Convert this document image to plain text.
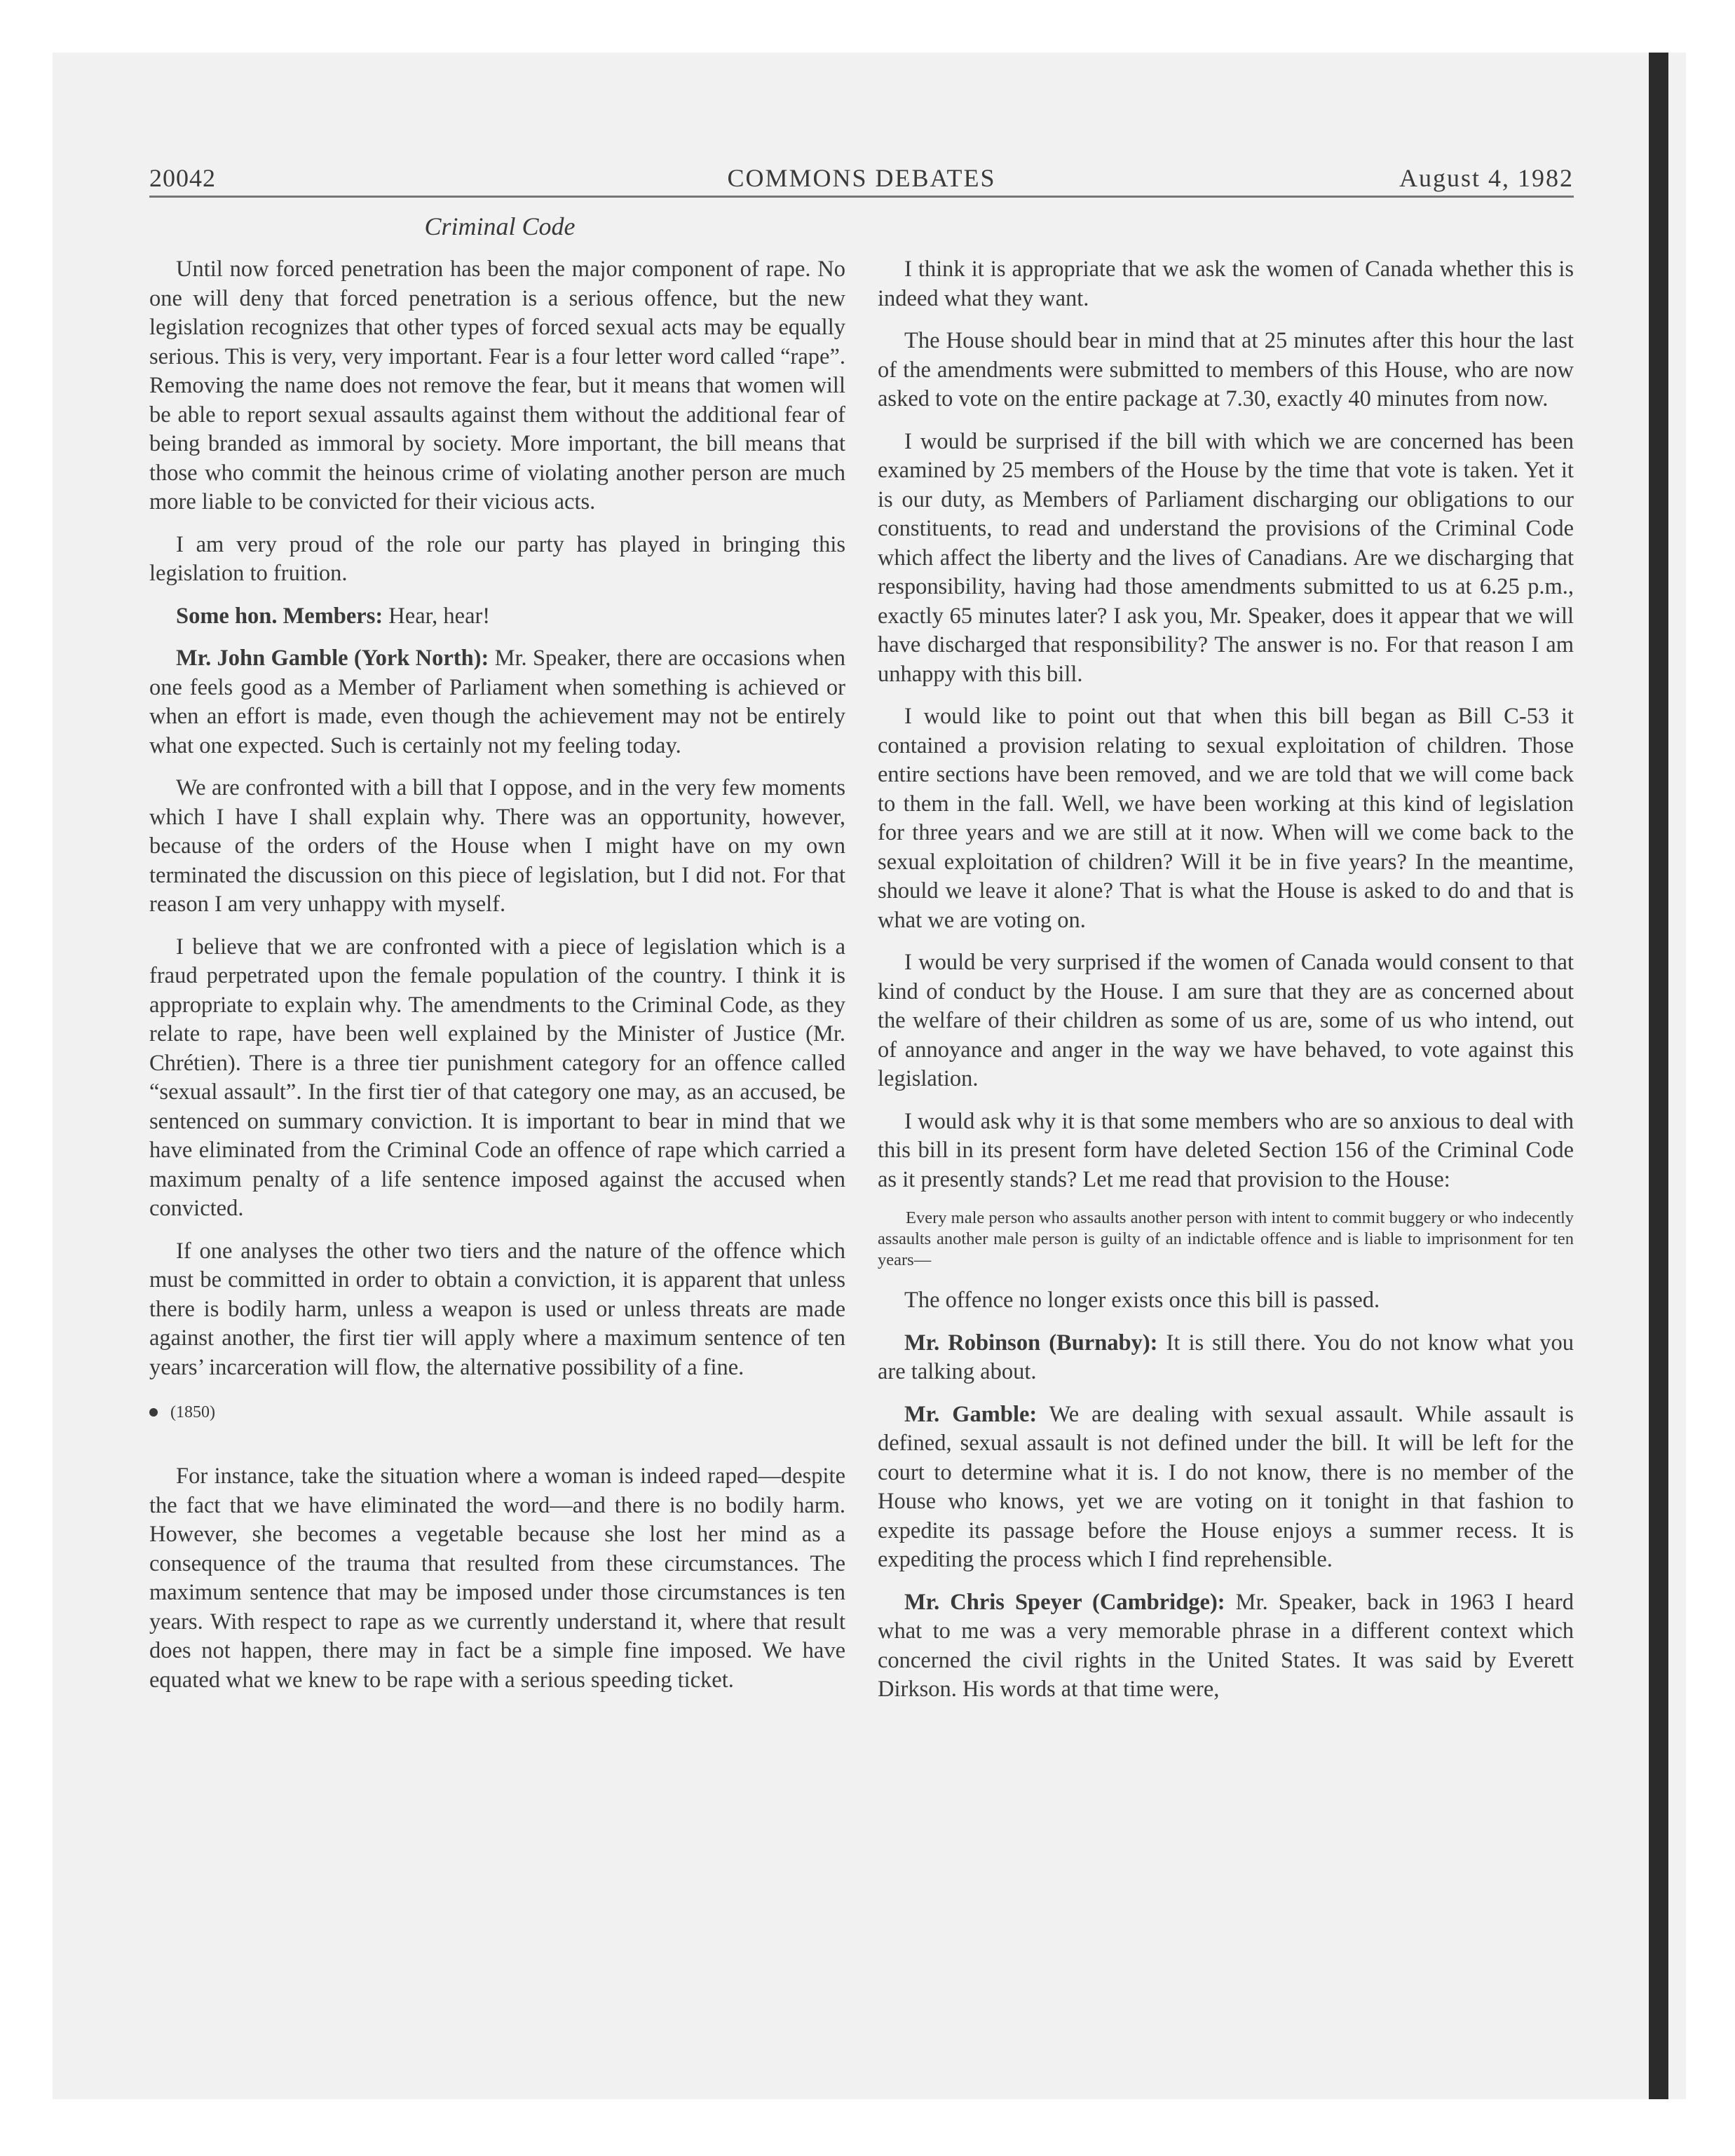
20042	COMMONS DEBATES	August 4, 1982
Criminal Code

Until now forced penetration has been the major component of rape. No one will deny that forced penetration is a serious offence, but the new legislation recognizes that other types of forced sexual acts may be equally serious. This is very, very important. Fear is a four letter word called “rape”. Removing the name does not remove the fear, but it means that women will be able to report sexual assaults against them without the additional fear of being branded as immoral by society. More important, the bill means that those who commit the heinous crime of violating another person are much more liable to be convicted for their vicious acts.

I am very proud of the role our party has played in bringing this legislation to fruition.

Some hon. Members: Hear, hear!

Mr. John Gamble (York North): Mr. Speaker, there are occasions when one feels good as a Member of Parliament when something is achieved or when an effort is made, even though the achievement may not be entirely what one expected. Such is certainly not my feeling today.

We are confronted with a bill that I oppose, and in the very few moments which I have I shall explain why. There was an opportunity, however, because of the orders of the House when I might have on my own terminated the discussion on this piece of legislation, but I did not. For that reason I am very unhappy with myself.

I believe that we are confronted with a piece of legislation which is a fraud perpetrated upon the female population of the country. I think it is appropriate to explain why. The amendments to the Criminal Code, as they relate to rape, have been well explained by the Minister of Justice (Mr. Chrétien). There is a three tier punishment category for an offence called “sexual assault”. In the first tier of that category one may, as an accused, be sentenced on summary conviction. It is important to bear in mind that we have eliminated from the Criminal Code an offence of rape which carried a maximum penalty of a life sentence imposed against the accused when convicted.

If one analyses the other two tiers and the nature of the offence which must be committed in order to obtain a conviction, it is apparent that unless there is bodily harm, unless a weapon is used or unless threats are made against another, the first tier will apply where a maximum sentence of ten years’ incarceration will flow, the alternative possibility of a fine.

(1850)

For instance, take the situation where a woman is indeed raped—despite the fact that we have eliminated the word—and there is no bodily harm. However, she becomes a vegetable because she lost her mind as a consequence of the trauma that resulted from these circumstances. The maximum sentence that may be imposed under those circumstances is ten years. With respect to rape as we currently understand it, where that result does not happen, there may in fact be a simple fine imposed. We have equated what we knew to be rape with a serious speeding ticket.

I think it is appropriate that we ask the women of Canada whether this is indeed what they want.

The House should bear in mind that at 25 minutes after this hour the last of the amendments were submitted to members of this House, who are now asked to vote on the entire package at 7.30, exactly 40 minutes from now.

I would be surprised if the bill with which we are concerned has been examined by 25 members of the House by the time that vote is taken. Yet it is our duty, as Members of Parliament discharging our obligations to our constituents, to read and understand the provisions of the Criminal Code which affect the liberty and the lives of Canadians. Are we discharging that responsibility, having had those amendments submitted to us at 6.25 p.m., exactly 65 minutes later? I ask you, Mr. Speaker, does it appear that we will have discharged that responsibility? The answer is no. For that reason I am unhappy with this bill.

I would like to point out that when this bill began as Bill C-53 it contained a provision relating to sexual exploitation of children. Those entire sections have been removed, and we are told that we will come back to them in the fall. Well, we have been working at this kind of legislation for three years and we are still at it now. When will we come back to the sexual exploitation of children? Will it be in five years? In the meantime, should we leave it alone? That is what the House is asked to do and that is what we are voting on.

I would be very surprised if the women of Canada would consent to that kind of conduct by the House. I am sure that they are as concerned about the welfare of their children as some of us are, some of us who intend, out of annoyance and anger in the way we have behaved, to vote against this legislation.

I would ask why it is that some members who are so anxious to deal with this bill in its present form have deleted Section 156 of the Criminal Code as it presently stands? Let me read that provision to the House:

Every male person who assaults another person with intent to commit buggery or who indecently assaults another male person is guilty of an indictable offence and is liable to imprisonment for ten years—

The offence no longer exists once this bill is passed.

Mr. Robinson (Burnaby): It is still there. You do not know what you are talking about.

Mr. Gamble: We are dealing with sexual assault. While assault is defined, sexual assault is not defined under the bill. It will be left for the court to determine what it is. I do not know, there is no member of the House who knows, yet we are voting on it tonight in that fashion to expedite its passage before the House enjoys a summer recess. It is expediting the process which I find reprehensible.

Mr. Chris Speyer (Cambridge): Mr. Speaker, back in 1963 I heard what to me was a very memorable phrase in a different context which concerned the civil rights in the United States. It was said by Everett Dirkson. His words at that time were,
